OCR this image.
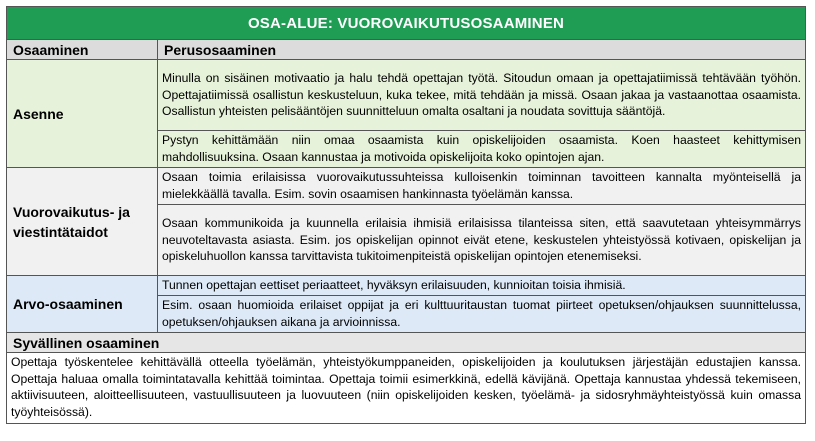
OSA-ALUE: VUOROVAIKUTUSOSAAMINEN	
Osaaminen	Perusosaaminen
Asenne	Minulla on sisäinen motivaatio ja halu tehdä opettajan työtä. Sitoudun omaan ja opettajatiimissä tehtävään työhön. Opettajatiimissä osallistun keskusteluun, kuka tekee, mitä tehdään ja missä. Osaan jakaa ja vastaanottaa osaamista. Osallistun yhteisten pelisääntöjen suunnitteluun omalta osaltani ja noudata sovittuja sääntöjä.
	Pystyn kehittämään niin omaa osaamista kuin opiskelijoiden osaamista. Koen haasteet kehittymisen mahdollisuuksina. Osaan kannustaa ja motivoida opiskelijoita koko opintojen ajan.
Vuorovaikutus- ja viestintätaidot	Osaan toimia erilaisissa vuorovaikutussuhteissa kulloisenkin toiminnan tavoitteen kannalta myönteisellä ja mielekkäällä tavalla. Esim. sovin osaamisen hankinnasta työelämän kanssa.
	Osaan kommunikoida ja kuunnella erilaisia ihmisiä erilaisissa tilanteissa siten, että saavutetaan yhteisymmärrys neuvoteltavasta asiasta. Esim. jos opiskelijan opinnot eivät etene, keskustelen yhteistyössä kotivaen, opiskelijan ja opiskeluhuollon kanssa tarvittavista tukitoimenpiteistä opiskelijan opintojen etenemiseksi.
Arvo-osaaminen	Tunnen opettajan eettiset periaatteet, hyväksyn erilaisuuden, kunnioitan toisia ihmisiä.
	Esim. osaan huomioida erilaiset oppijat ja eri kulttuuritaustan tuomat piirteet opetuksen/ohjauksen suunnittelussa, opetuksen/ohjauksen aikana ja arvioinnissa.
Syvällinen osaaminen	
Opettaja työskentelee kehittävällä otteella työelämän, yhteistyökumppaneiden, opiskelijoiden ja koulutuksen järjestäjän edustajien kanssa. Opettaja haluaa omalla toimintatavalla kehittää toimintaa. Opettaja toimii esimerkkinä, edellä kävijänä. Opettaja kannustaa yhdessä tekemiseen, aktiivisuuteen, aloitteellisuuteen, vastuullisuuteen ja luovuuteen (niin opiskelijoiden kesken, työelämä- ja sidosryhmäyhteistyössä kuin omassa työyhteisössä).	
